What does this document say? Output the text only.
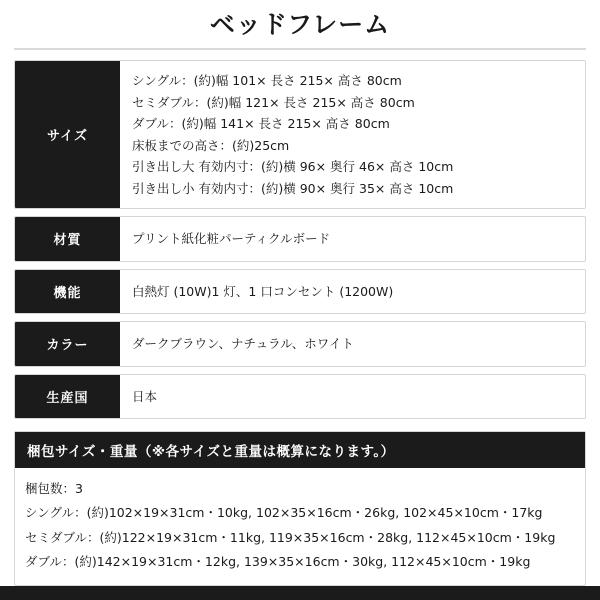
ベッドフレーム
サイズ
シングル：(約)幅 101× 長さ 215× 高さ 80cm
セミダブル：(約)幅 121× 長さ 215× 高さ 80cm
ダブル：(約)幅 141× 長さ 215× 高さ 80cm
床板までの高さ：(約)25cm
引き出し大 有効内寸：(約)横 96× 奥行 46× 高さ 10cm
引き出し小 有効内寸：(約)横 90× 奥行 35× 高さ 10cm
材質	プリント紙化粧パーティクルボード
機能	白熱灯 (10W)1 灯、1 口コンセント (1200W)
カラー	ダークブラウン、ナチュラル、ホワイト
生産国	日本
梱包サイズ・重量（※各サイズと重量は概算になります。）
梱包数：3
シングル：(約)102×19×31cm・10kg, 102×35×16cm・26kg, 102×45×10cm・17kg
セミダブル：(約)122×19×31cm・11kg, 119×35×16cm・28kg, 112×45×10cm・19kg
ダブル：(約)142×19×31cm・12kg, 139×35×16cm・30kg, 112×45×10cm・19kg
